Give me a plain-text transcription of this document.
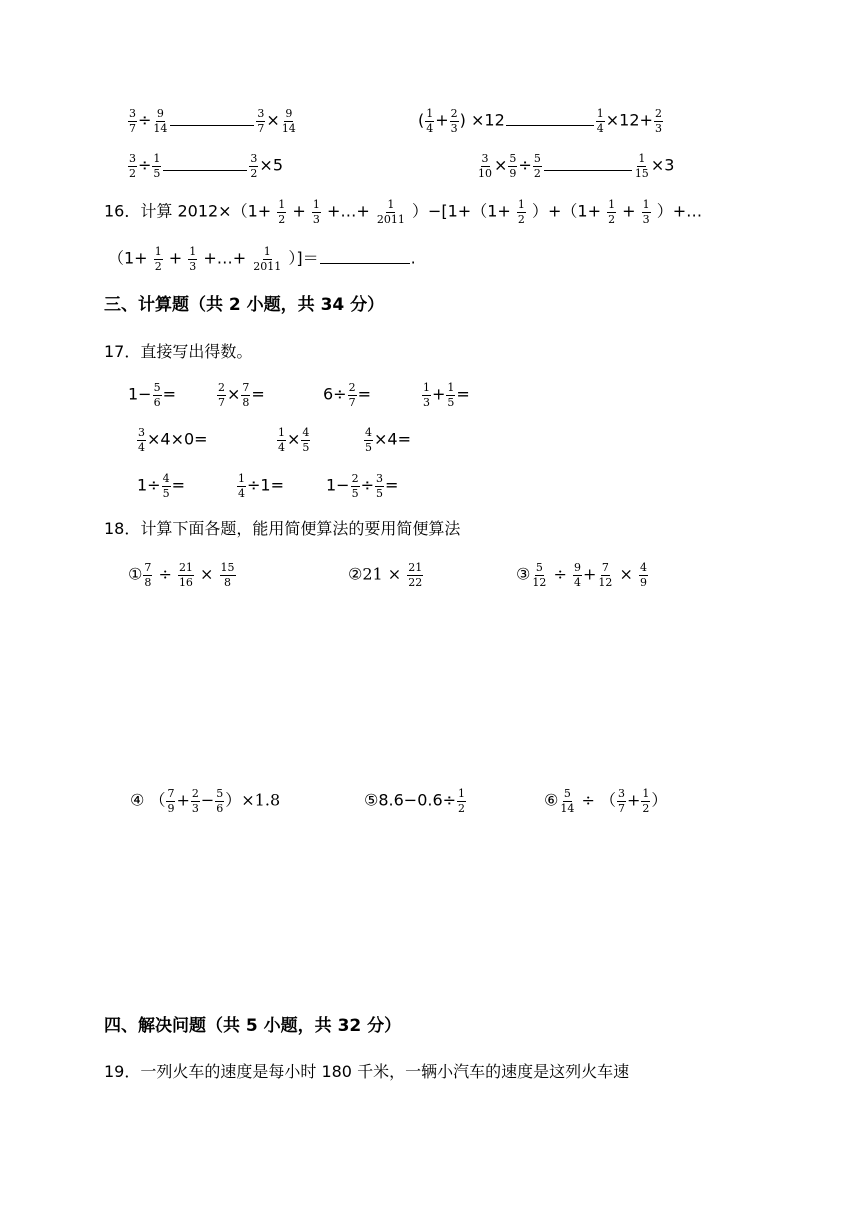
$\frac{3}{7} \div \frac{9}{14}$	$\frac{3}{7} \times \frac{9}{14}$	( $\frac{1}{4} + \frac{2}{3}$ ) ×12	$\frac{1}{4} \times 12+ \frac{2}{3}$
$\frac{3}{2} \div \frac{1}{5}$	$\frac{3}{2} \times 5$	$\frac{3}{10} \times \frac{5}{9} \div \frac{5}{2}$	$\frac{1}{15} \times 3$
16．计算 $2012\times(1+ \frac{1}{2} + \frac{1}{3}$ +…+ $\frac{1}{2011} )-[1+(1+ \frac{1}{2} )+(1+ \frac{1}{2} + \frac{1}{3}$ ）+…
（$1+ \frac{1}{2} + \frac{1}{3}$ +…+ $\frac{1}{2011}$ ）]＝	.
三、计算题（共 2 小题，共 34 分）
17．直接写出得数。
$1- \frac{5}{6}$ =	$\frac{2}{7} \times \frac{7}{8}$ =	$6\div \frac{2}{7}$ =	$\frac{1}{3} + \frac{1}{5}$ =
$\frac{3}{4} \times 4\times 0=$	$\frac{1}{4} \times \frac{4}{5}$	$\frac{4}{5} \times 4=$
$1\div \frac{4}{5}$ =	$\frac{1}{4} \div 1=$	$1- \frac{2}{5} \div \frac{3}{5}$ =
18．计算下面各题，能用简便算法的要用简便算法
① $\frac{7}{8} \div \frac{21}{16} \times \frac{15}{8}$	②21 × $\frac{21}{22}$	③ $\frac{5}{12} \div \frac{9}{4} + \frac{7}{12} \times \frac{4}{9}$
④ （ $\frac{7}{9} + \frac{2}{3} - \frac{5}{6} )\times 1.8$	⑤8.6−0.6÷ $\frac{1}{2}$	⑥ $\frac{5}{14}$ ÷ （ $\frac{3}{7} + \frac{1}{2}$ ）
四、解决问题（共 5 小题，共 32 分）
19．一列火车的速度是每小时 180 千米，一辆小汽车的速度是这列火车速
